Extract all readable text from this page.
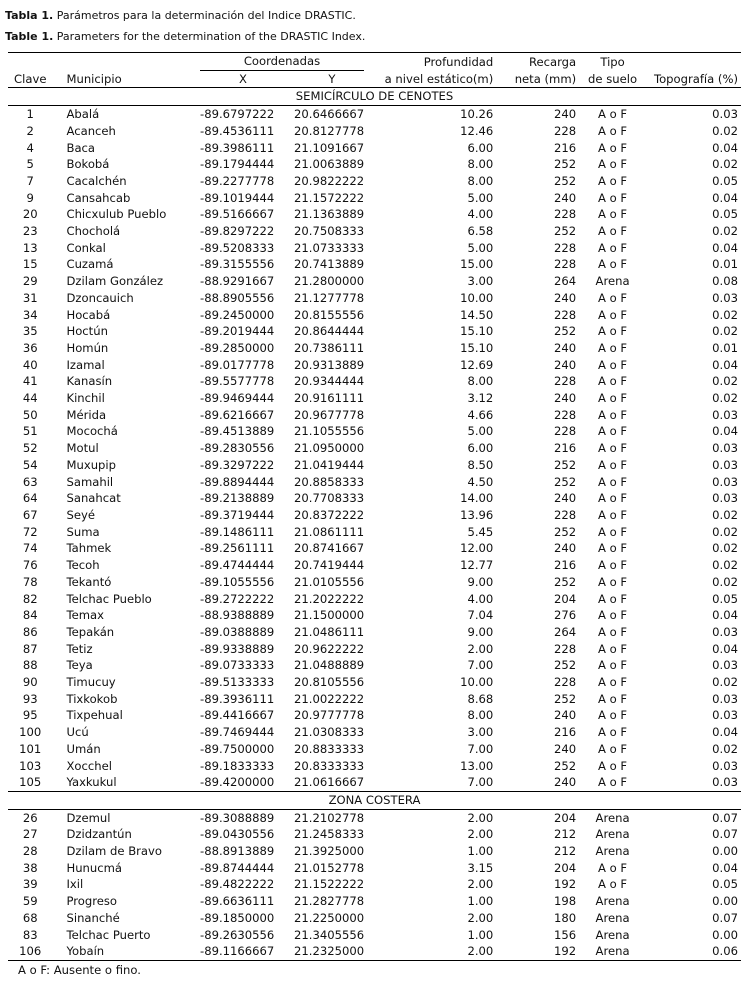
Tabla 1. Parámetros para la determinación del Indice DRASTIC.
Table 1. Parameters for the determination of the DRASTIC Index.
		Coordenadas		Profundidad	Recarga	Tipo	
Clave	Municipio	X	Y	a nivel estático(m)	neta (mm)	de suelo	Topografía (%)
SEMICÍRCULO DE CENOTES							
1	Abalá	-89.6797222	20.6466667	10.26	240	A o F	0.03
2	Acanceh	-89.4536111	20.8127778	12.46	228	A o F	0.02
4	Baca	-89.3986111	21.1091667	6.00	216	A o F	0.04
5	Bokobá	-89.1794444	21.0063889	8.00	252	A o F	0.02
7	Cacalchén	-89.2277778	20.9822222	8.00	252	A o F	0.05
9	Cansahcab	-89.1019444	21.1572222	5.00	240	A o F	0.04
20	Chicxulub Pueblo	-89.5166667	21.1363889	4.00	228	A o F	0.05
23	Chocholá	-89.8297222	20.7508333	6.58	252	A o F	0.02
13	Conkal	-89.5208333	21.0733333	5.00	228	A o F	0.04
15	Cuzamá	-89.3155556	20.7413889	15.00	228	A o F	0.01
29	Dzilam González	-88.9291667	21.2800000	3.00	264	Arena	0.08
31	Dzoncauich	-88.8905556	21.1277778	10.00	240	A o F	0.03
34	Hocabá	-89.2450000	20.8155556	14.50	228	A o F	0.02
35	Hoctún	-89.2019444	20.8644444	15.10	252	A o F	0.02
36	Homún	-89.2850000	20.7386111	15.10	240	A o F	0.01
40	Izamal	-89.0177778	20.9313889	12.69	240	A o F	0.04
41	Kanasín	-89.5577778	20.9344444	8.00	228	A o F	0.02
44	Kinchil	-89.9469444	20.9161111	3.12	240	A o F	0.02
50	Mérida	-89.6216667	20.9677778	4.66	228	A o F	0.03
51	Mocochá	-89.4513889	21.1055556	5.00	228	A o F	0.04
52	Motul	-89.2830556	21.0950000	6.00	216	A o F	0.03
54	Muxupip	-89.3297222	21.0419444	8.50	252	A o F	0.03
63	Samahil	-89.8894444	20.8858333	4.50	252	A o F	0.03
64	Sanahcat	-89.2138889	20.7708333	14.00	240	A o F	0.03
67	Seyé	-89.3719444	20.8372222	13.96	228	A o F	0.02
72	Suma	-89.1486111	21.0861111	5.45	252	A o F	0.02
74	Tahmek	-89.2561111	20.8741667	12.00	240	A o F	0.02
76	Tecoh	-89.4744444	20.7419444	12.77	216	A o F	0.02
78	Tekantó	-89.1055556	21.0105556	9.00	252	A o F	0.02
82	Telchac Pueblo	-89.2722222	21.2022222	4.00	204	A o F	0.05
84	Temax	-88.9388889	21.1500000	7.04	276	A o F	0.04
86	Tepakán	-89.0388889	21.0486111	9.00	264	A o F	0.03
87	Tetiz	-89.9338889	20.9622222	2.00	228	A o F	0.04
88	Teya	-89.0733333	21.0488889	7.00	252	A o F	0.03
90	Timucuy	-89.5133333	20.8105556	10.00	228	A o F	0.02
93	Tixkokob	-89.3936111	21.0022222	8.68	252	A o F	0.03
95	Tixpehual	-89.4416667	20.9777778	8.00	240	A o F	0.03
100	Ucú	-89.7469444	21.0308333	3.00	216	A o F	0.04
101	Umán	-89.7500000	20.8833333	7.00	240	A o F	0.02
103	Xocchel	-89.1833333	20.8333333	13.00	252	A o F	0.03
105	Yaxkukul	-89.4200000	21.0616667	7.00	240	A o F	0.03
ZONA COSTERA							
26	Dzemul	-89.3088889	21.2102778	2.00	204	Arena	0.07
27	Dzidzantún	-89.0430556	21.2458333	2.00	212	Arena	0.07
28	Dzilam de Bravo	-88.8913889	21.3925000	1.00	212	Arena	0.00
38	Hunucmá	-89.8744444	21.0152778	3.15	204	A o F	0.04
39	Ixil	-89.4822222	21.1522222	2.00	192	A o F	0.05
59	Progreso	-89.6636111	21.2827778	1.00	198	Arena	0.00
68	Sinanché	-89.1850000	21.2250000	2.00	180	Arena	0.07
83	Telchac Puerto	-89.2630556	21.3405556	1.00	156	Arena	0.00
106	Yobaín	-89.1166667	21.2325000	2.00	192	Arena	0.06
A o F: Ausente o fino.
